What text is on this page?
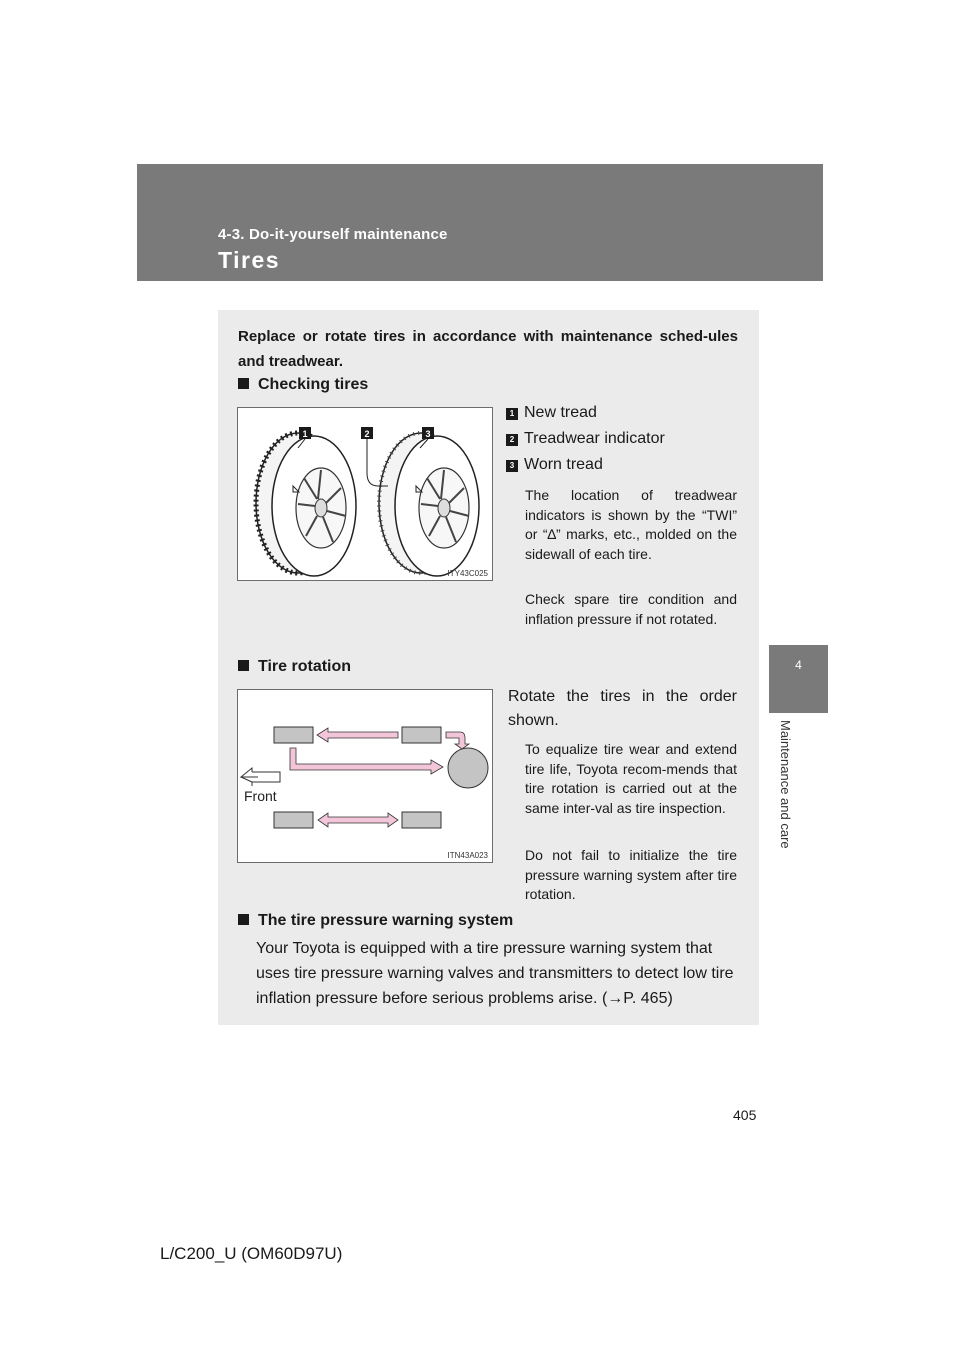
4-3. Do-it-yourself maintenance
Tires
4
Maintenance and care
Replace or rotate tires in accordance with maintenance sched-ules and treadwear.
Checking tires
1	2	3
ITY43C025
1 New tread
2 Treadwear indicator
3 Worn tread
The location of treadwear indicators is shown by the “TWI” or “∆” marks, etc., molded on the sidewall of each tire.
Check spare tire condition and inflation pressure if not rotated.
Tire rotation
Front
ITN43A023
Rotate the tires in the order shown.
To equalize tire wear and extend tire life, Toyota recom-mends that tire rotation is carried out at the same inter-val as tire inspection.
Do not fail to initialize the tire pressure warning system after tire rotation.
The tire pressure warning system
Your Toyota is equipped with a tire pressure warning system that uses tire pressure warning valves and transmitters to detect low tire inflation pressure before serious problems arise. (→P. 465)
405
L/C200_U (OM60D97U)
